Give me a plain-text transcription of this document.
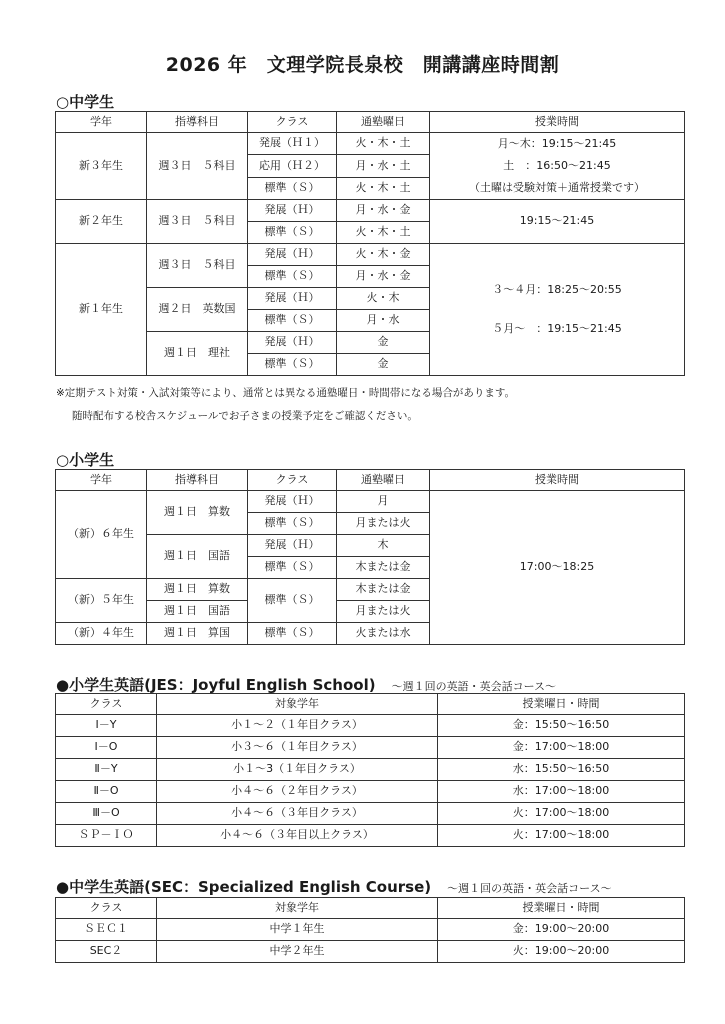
2026 年　文理学院長泉校　開講講座時間割
○中学生
学年	指導科目	クラス	通塾曜日	授業時間
新３年生	週３日　５科目	発展（Ｈ１）	火・木・土	月～木：19:15～21:45
土　：16:50～21:45
（土曜は受験対策＋通常授業です）

		応用（Ｈ２）	月・水・土	
		標準（Ｓ）	火・木・土	
新２年生	週３日　５科目	発展（Ｈ）	月・水・金	19:15～21:45
		標準（Ｓ）	火・木・土	
新１年生	週３日　５科目	発展（Ｈ）	火・木・金	３～４月：18:25～20:55
５月～　：19:15～21:45

		標準（Ｓ）	月・水・金	
	週２日　英数国	発展（Ｈ）	火・木	
		標準（Ｓ）	月・水	
	週１日　理社	発展（Ｈ）	金	
		標準（Ｓ）	金	
※定期テスト対策・入試対策等により、通常とは異なる通塾曜日・時間帯になる場合があります。
随時配布する校舎スケジュールでお子さまの授業予定をご確認ください。
○小学生
学年	指導科目	クラス	通塾曜日	授業時間
（新）６年生	週１日　算数	発展（Ｈ）	月	17:00～18:25
		標準（Ｓ）	月または火	
	週１日　国語	発展（Ｈ）	木	
		標準（Ｓ）	木または金	
（新）５年生	週１日　算数	標準（Ｓ）	木または金	
	週１日　国語		月または火	
（新）４年生	週１日　算国	標準（Ｓ）	火または水	
●小学生英語(JES：Joyful English School) ～週１回の英語・英会話コース～
クラス	対象学年	授業曜日・時間
Ⅰ－Y	小１～２（１年目クラス）	金：15:50～16:50
Ⅰ－O	小３～６（１年目クラス）	金：17:00～18:00
Ⅱ－Y	小１～3（１年目クラス）	水：15:50～16:50
Ⅱ－O	小４～６（２年目クラス）	水：17:00～18:00
Ⅲ－O	小４～６（３年目クラス）	火：17:00～18:00
ＳＰ－ＩＯ	小４～６（３年目以上クラス）	火：17:00～18:00
●中学生英語(SEC：Specialized English Course) ～週１回の英語・英会話コース～
クラス	対象学年	授業曜日・時間
ＳＥＣ１	中学１年生	金：19:00～20:00
SEC２	中学２年生	火：19:00～20:00
